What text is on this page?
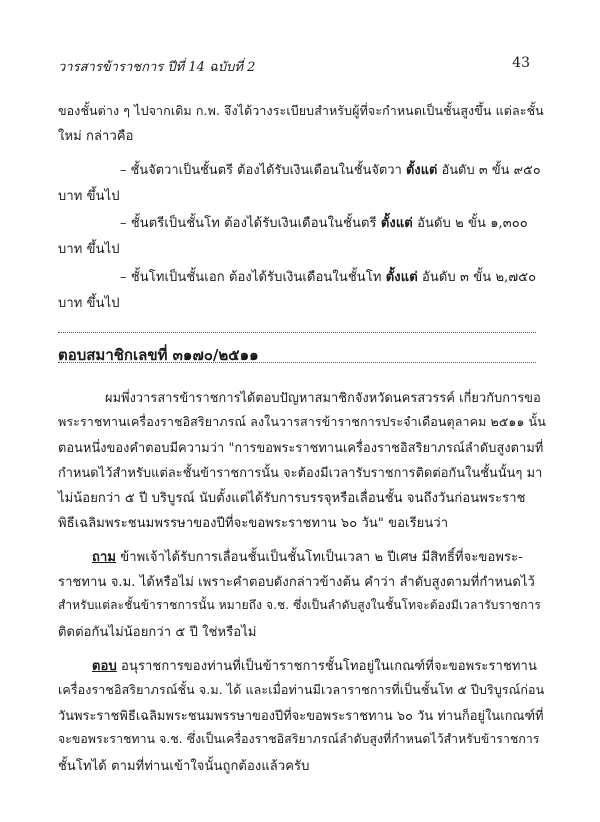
วารสารข้าราชการ ปีที่ 14 ฉบับที่ 2	43
ของชั้นต่าง ๆ ไปจากเดิม ก.พ. จึงได้วางระเบียบสำหรับผู้ที่จะกำหนดเป็นชั้นสูงขึ้น แต่ละชั้น
ใหม่ กล่าวคือ
– ชั้นจัตวาเป็นชั้นตรี ต้องได้รับเงินเดือนในชั้นจัตวา ตั้งแต่ อันดับ ๓ ขั้น ๙๕๐
บาท ขึ้นไป
– ชั้นตรีเป็นชั้นโท ต้องได้รับเงินเดือนในชั้นตรี ตั้งแต่ อันดับ ๒ ขั้น ๑,๓๐๐
บาท ขึ้นไป
– ชั้นโทเป็นชั้นเอก ต้องได้รับเงินเดือนในชั้นโท ตั้งแต่ อันดับ ๓ ขั้น ๒,๗๕๐
บาท ขึ้นไป
ตอบสมาชิกเลขที่ ๓๑๗๐/๒๕๑๑
ผมพึ่งวารสารข้าราชการได้ตอบปัญหาสมาชิกจังหวัดนครสวรรค์ เกี่ยวกับการขอ
พระราชทานเครื่องราชอิสริยาภรณ์ ลงในวารสารข้าราชการประจำเดือนตุลาคม ๒๕๑๑ นั้น
ตอนหนึ่งของคำตอบมีความว่า "การขอพระราชทานเครื่องราชอิสริยาภรณ์ลำดับสูงตามที่
กำหนดไว้สำหรับแต่ละชั้นข้าราชการนั้น จะต้องมีเวลารับราชการติดต่อกันในชั้นนั้นๆ มา
ไม่น้อยกว่า ๕ ปี บริบูรณ์ นับตั้งแต่ได้รับการบรรจุหรือเลื่อนชั้น จนถึงวันก่อนพระราช
พิธีเฉลิมพระชนมพรรษาของปีที่จะขอพระราชทาน ๖๐ วัน" ขอเรียนว่า
ถาม ข้าพเจ้าได้รับการเลื่อนชั้นเป็นชั้นโทเป็นเวลา ๒ ปีเศษ มีสิทธิ์ที่จะขอพระ-
ราชทาน จ.ม. ได้หรือไม่ เพราะคำตอบดังกล่าวข้างต้น คำว่า ลำดับสูงตามที่กำหนดไว้
สำหรับแต่ละชั้นข้าราชการนั้น หมายถึง จ.ช. ซึ่งเป็นลำดับสูงในชั้นโทจะต้องมีเวลารับราชการ
ติดต่อกันไม่น้อยกว่า ๕ ปี ใช่หรือไม่
ตอบ อนุราชการของท่านที่เป็นข้าราชการชั้นโทอยู่ในเกณฑ์ที่จะขอพระราชทาน
เครื่องราชอิสริยาภรณ์ชั้น จ.ม. ได้ และเมื่อท่านมีเวลาราชการที่เป็นชั้นโท ๕ ปีบริบูรณ์ก่อน
วันพระราชพิธีเฉลิมพระชนมพรรษาของปีที่จะขอพระราชทาน ๖๐ วัน ท่านก็อยู่ในเกณฑ์ที่
จะขอพระราชทาน จ.ช. ซึ่งเป็นเครื่องราชอิสริยาภรณ์ลำดับสูงที่กำหนดไว้สำหรับข้าราชการ
ชั้นโทได้ ตามที่ท่านเข้าใจนั้นถูกต้องแล้วครับ
